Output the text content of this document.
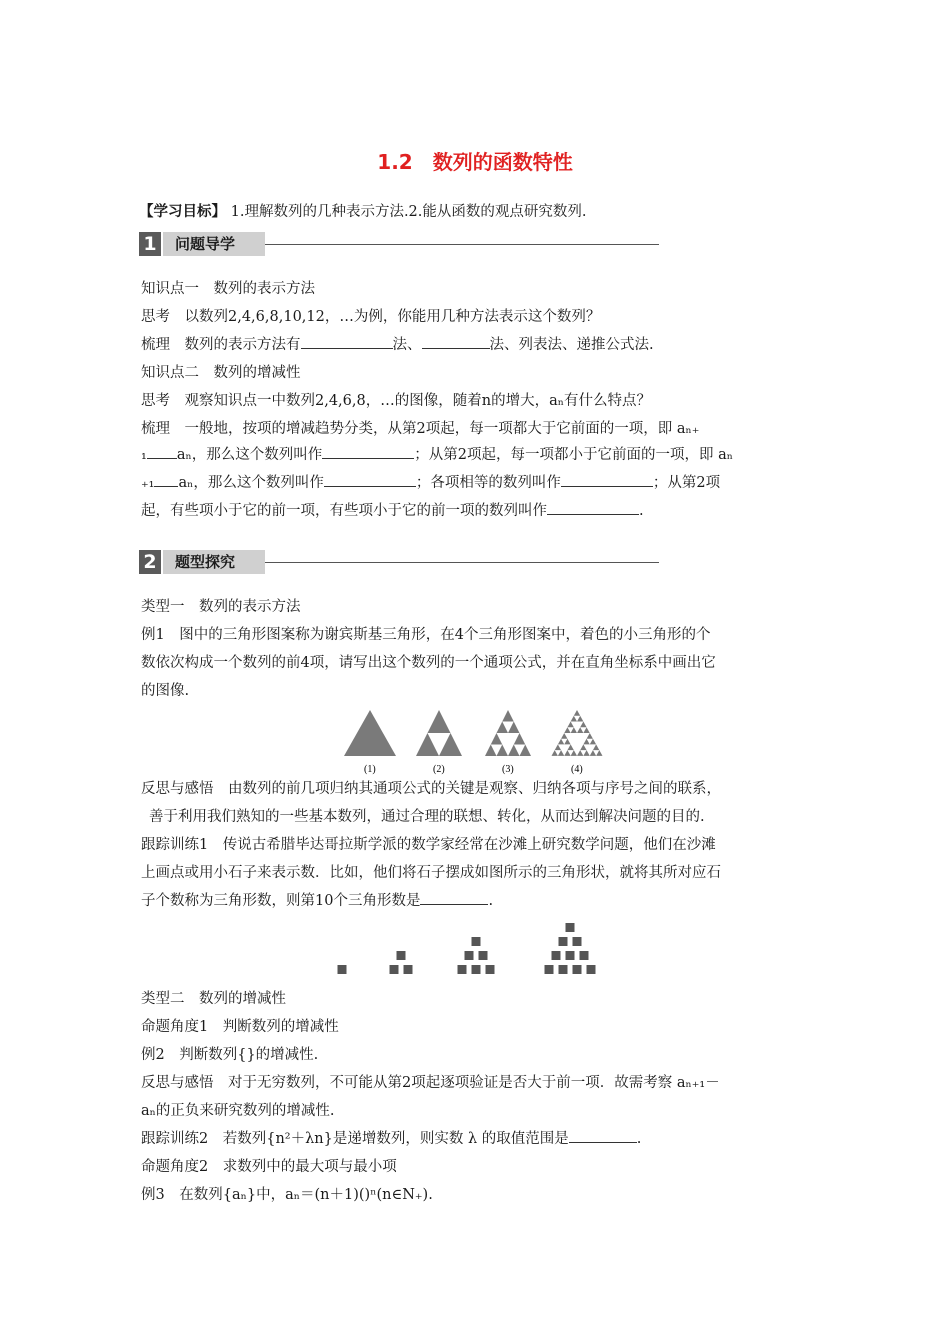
1.2　数列的函数特性
【学习目标】 1.理解数列的几种表示方法.2.能从函数的观点研究数列.
1	问题导学
知识点一　数列的表示方法
思考　以数列2,4,6,8,10,12，…为例，你能用几种方法表示这个数列？
梳理　数列的表示方法有	法、	法、列表法、递推公式法.
知识点二　数列的增减性
思考　观察知识点一中数列2,4,6,8，…的图像，随着n的增大，aₙ有什么特点？
梳理　一般地，按项的增减趋势分类，从第2项起，每一项都大于它前面的一项，即 aₙ₊
₁ aₙ，那么这个数列叫作	；从第2项起，每一项都小于它前面的一项，即 aₙ
₊₁ aₙ，那么这个数列叫作	；各项相等的数列叫作	；从第2项
起，有些项小于它的前一项，有些项小于它的前一项的数列叫作	.
2	题型探究
类型一　数列的表示方法
例1　图中的三角形图案称为谢宾斯基三角形，在4个三角形图案中，着色的小三角形的个
数依次构成一个数列的前4项，请写出这个数列的一个通项公式，并在直角坐标系中画出它
的图像.
(1)	(2)	(3)	(4)
反思与感悟　由数列的前几项归纳其通项公式的关键是观察、归纳各项与序号之间的联系，
善于利用我们熟知的一些基本数列，通过合理的联想、转化，从而达到解决问题的目的.
跟踪训练1　传说古希腊毕达哥拉斯学派的数学家经常在沙滩上研究数学问题，他们在沙滩
上画点或用小石子来表示数．比如，他们将石子摆成如图所示的三角形状，就将其所对应石
子个数称为三角形数，则第10个三角形数是	.
类型二　数列的增减性
命题角度1　判断数列的增减性
例2　判断数列{}的增减性.
反思与感悟　对于无穷数列，不可能从第2项起逐项验证是否大于前一项．故需考察 aₙ₊₁－
aₙ的正负来研究数列的增减性.
跟踪训练2　若数列{n²＋λn}是递增数列，则实数 λ 的取值范围是	.
命题角度2　求数列中的最大项与最小项
例3　在数列{aₙ}中，aₙ＝(n＋1)()ⁿ(n∈N₊).
